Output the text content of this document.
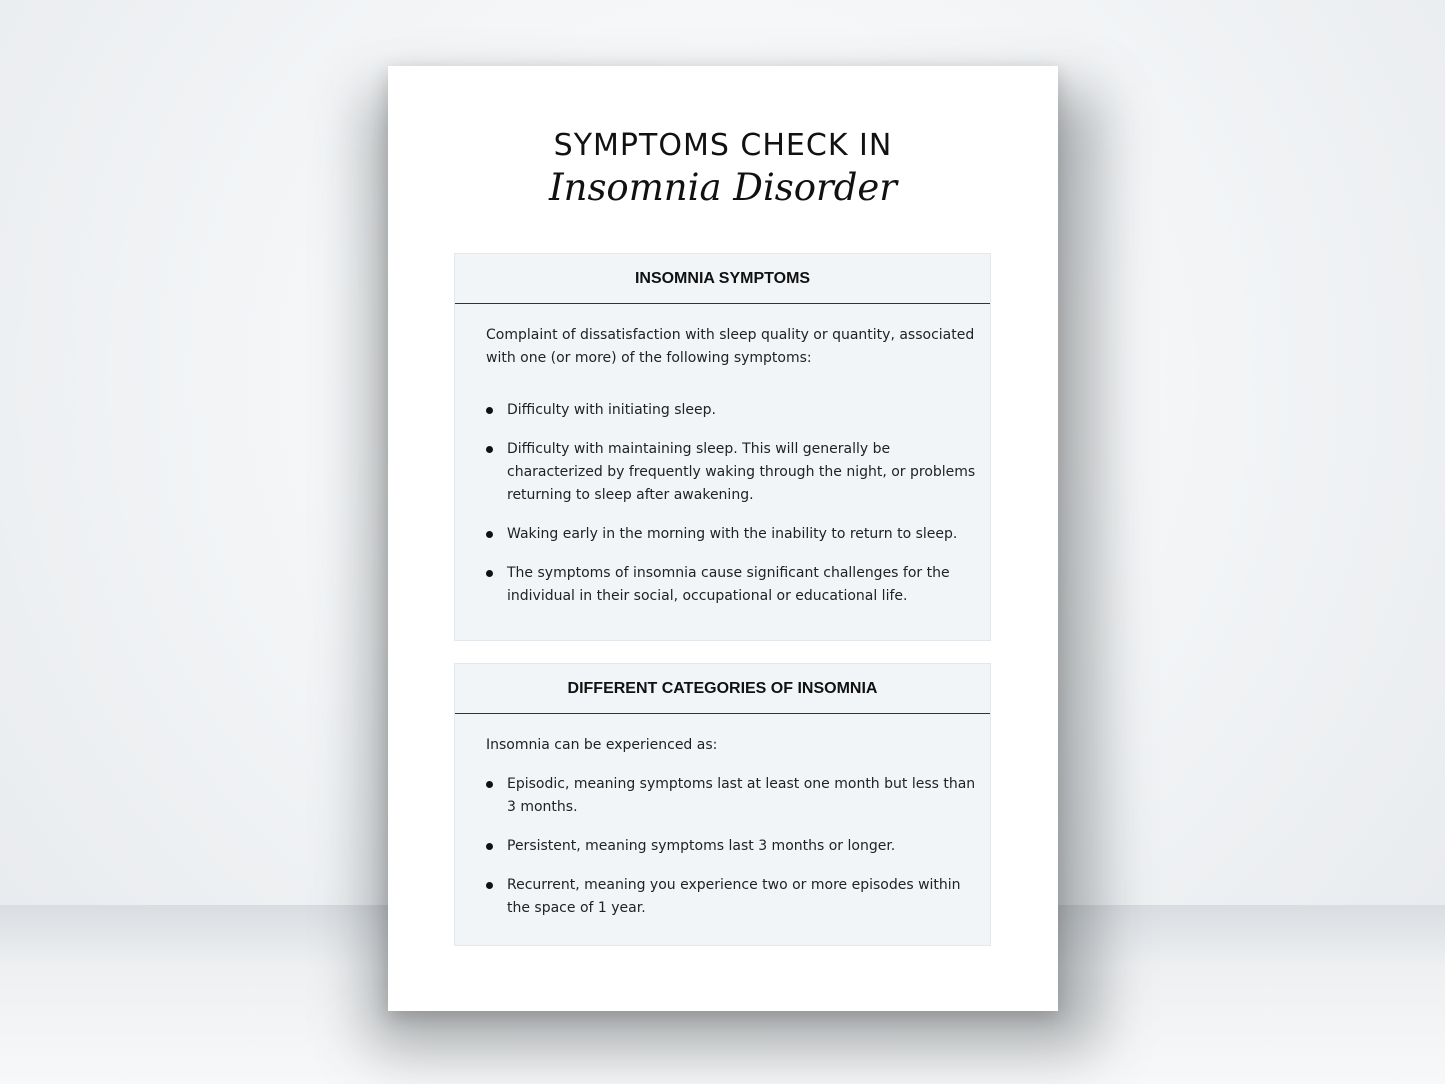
SYMPTOMS CHECK IN
Insomnia Disorder
INSOMNIA SYMPTOMS

Complaint of dissatisfaction with sleep quality or quantity, associated with one (or more) of the following symptoms:

Difficulty with initiating sleep.
Difficulty with maintaining sleep. This will generally be characterized by frequently waking through the night, or problems returning to sleep after awakening.
Waking early in the morning with the inability to return to sleep.
The symptoms of insomnia cause significant challenges for the individual in their social, occupational or educational life.
DIFFERENT CATEGORIES OF INSOMNIA

Insomnia can be experienced as:

Episodic, meaning symptoms last at least one month but less than 3 months.
Persistent, meaning symptoms last 3 months or longer.
Recurrent, meaning you experience two or more episodes within the space of 1 year.
